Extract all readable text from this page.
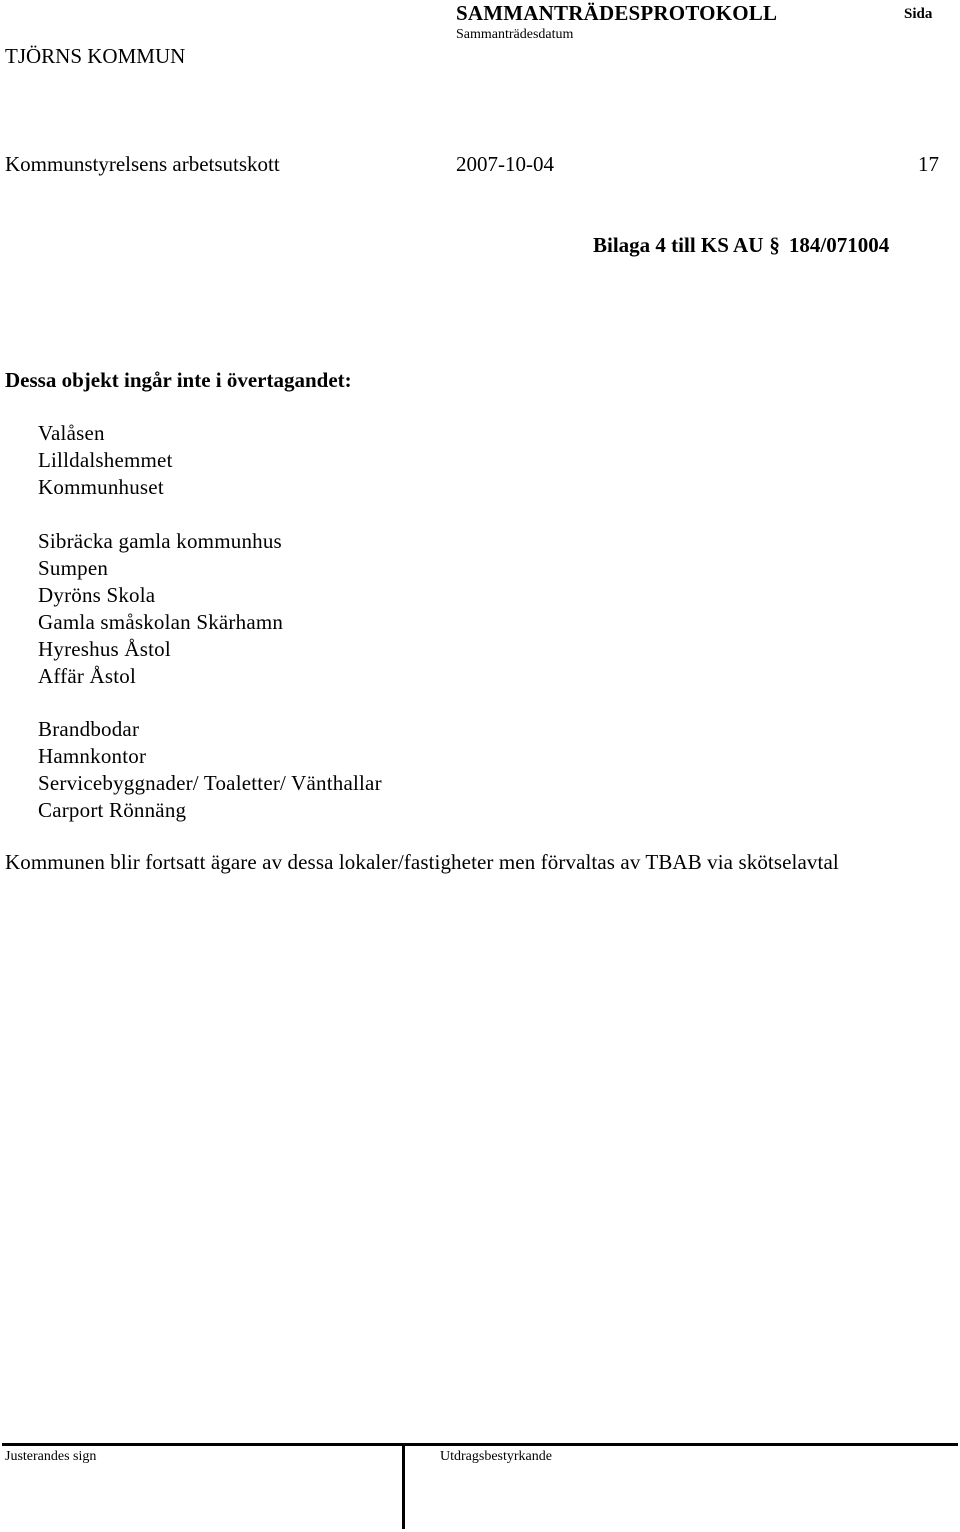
TJÖRNS KOMMUN
SAMMANTRÄDESPROTOKOLL
Sammanträdesdatum
Sida
Kommunstyrelsens arbetsutskott	2007-10-04	17
Bilaga 4 till KS AU § 184/071004
Dessa objekt ingår inte i övertagandet:
Valåsen
Lilldalshemmet
Kommunhuset
Sibräcka gamla kommunhus
Sumpen
Dyröns Skola
Gamla småskolan Skärhamn
Hyreshus Åstol
Affär Åstol
Brandbodar
Hamnkontor
Servicebyggnader/ Toaletter/ Vänthallar
Carport Rönnäng
Kommunen blir fortsatt ägare av dessa lokaler/fastigheter men förvaltas av TBAB via skötselavtal
Justerandes sign	Utdragsbestyrkande
